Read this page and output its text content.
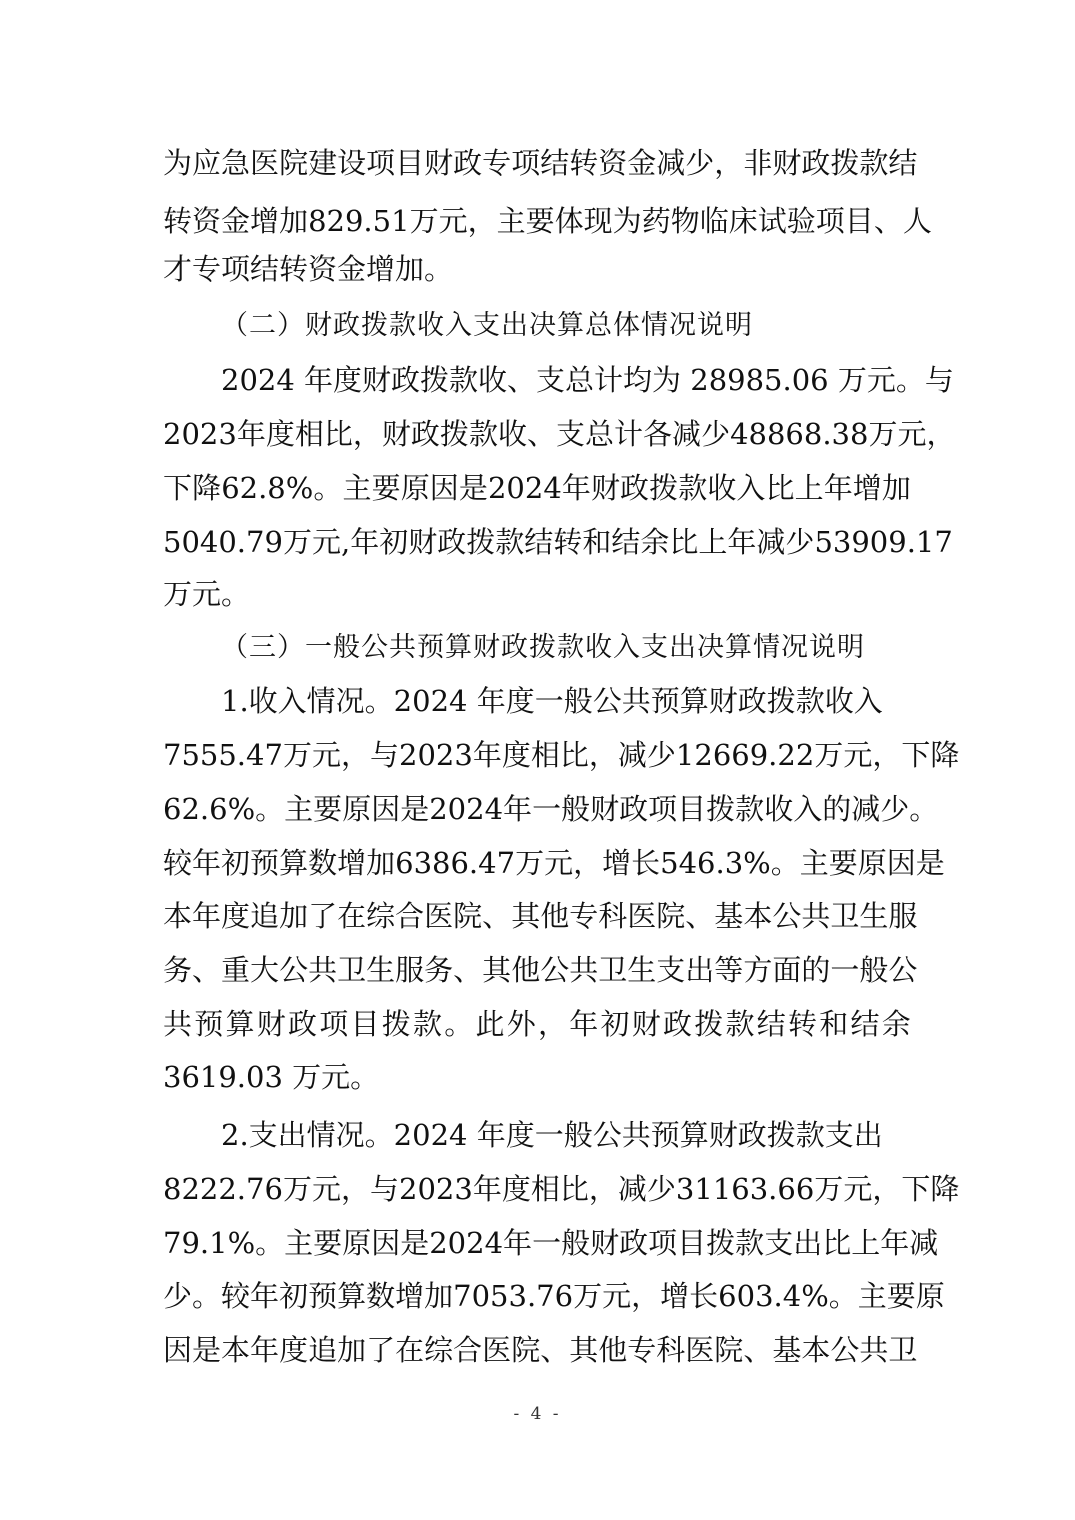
为 应 急 医 院 建 设 项 目 财 政 专 项 结 转 资 金 减 少 ， 非 财 政 拨 款 结
转 资 金 增 加 829.51 万 元 ， 主 要 体 现 为 药 物 临 床 试 验 项 目 、 人
才专项结转资金增加。
（二）财政拨款收入支出决算总体情况说明
2024 年度财政拨款收、支总计均为 28985.06 万元。与
2023 年 度 相 比 ， 财 政 拨 款 收 、 支 总 计 各 减 少 48868.38 万 元 ，
下 降 62.8% 。 主 要 原 因 是 2024 年 财 政 拨 款 收 入 比 上 年 增 加
5040.79 万 元 , 年 初 财 政 拨 款 结 转 和 结 余 比 上 年 减 少 53909.17
万元。
（三）一般公共预算财政拨款收入支出决算情况说明
1.收入情况。2024 年度一般公共预算财政拨款收入
7555.47 万 元 ， 与 2023 年 度 相 比 ， 减 少 12669.22 万 元 ， 下 降
62.6% 。 主 要 原 因 是 2024 年 一 般 财 政 项 目 拨 款 收 入 的 减 少 。
较 年 初 预 算 数 增 加 6386.47 万 元 ， 增 长 546.3% 。 主 要 原 因 是
本 年 度 追 加 了 在 综 合 医 院 、 其 他 专 科 医 院 、 基 本 公 共 卫 生 服
务 、 重 大 公 共 卫 生 服 务 、 其 他 公 共 卫 生 支 出 等 方 面 的 一 般 公
共 预 算 财 政 项 目 拨 款 。 此 外 ， 年 初 财 政 拨 款 结 转 和 结 余
3619.03 万元。
2.支出情况。2024 年度一般公共预算财政拨款支出
8222.76 万 元 ， 与 2023 年 度 相 比 ， 减 少 31163.66 万 元 ， 下 降
79.1% 。 主 要 原 因 是 2024 年 一 般 财 政 项 目 拨 款 支 出 比 上 年 减
少 。 较 年 初 预 算 数 增 加 7053.76 万 元 ， 增 长 603.4% 。 主 要 原
因 是 本 年 度 追 加 了 在 综 合 医 院 、 其 他 专 科 医 院 、 基 本 公 共 卫
- 4 -
